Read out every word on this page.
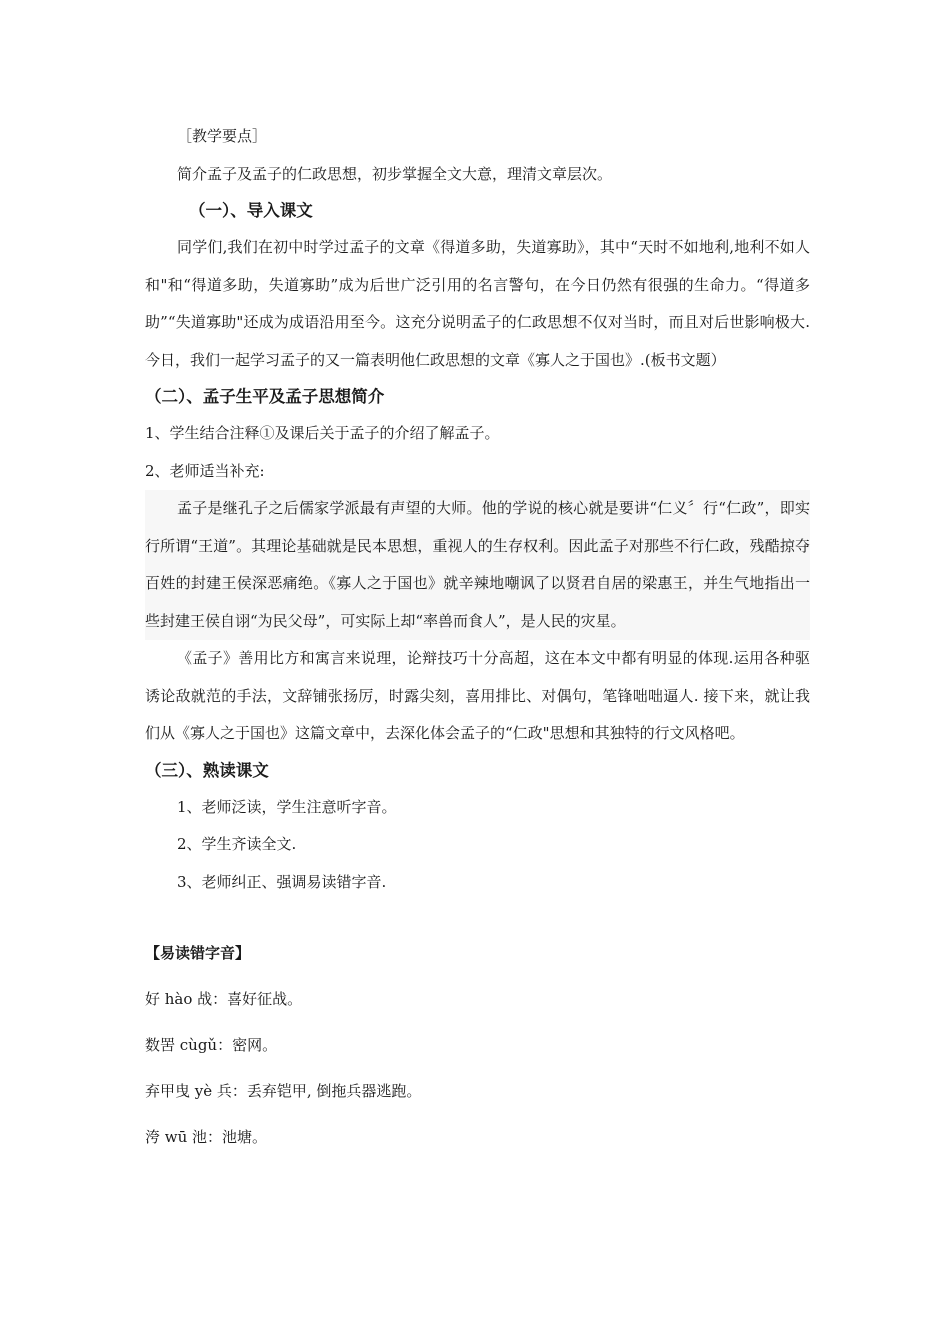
［教学要点］

简介孟子及孟子的仁政思想，初步掌握全文大意，理清文章层次。

（一）、导入课文

同学们,我们在初中时学过孟子的文章《得道多助，失道寡助》，其中“天时不如地利,地利不如人和"和“得道多助，失道寡助”成为后世广泛引用的名言警句，在今日仍然有很强的生命力。“得道多助”“失道寡助"还成为成语沿用至今。这充分说明孟子的仁政思想不仅对当时，而且对后世影响极大.今日，我们一起学习孟子的又一篇表明他仁政思想的文章《寡人之于国也》.(板书文题）

（二）、孟子生平及孟子思想简介

1、学生结合注释①及课后关于孟子的介绍了解孟子。

2、老师适当补充:

孟子是继孔子之后儒家学派最有声望的大师。他的学说的核心就是要讲“仁义〞行“仁政”，即实行所谓“王道”。其理论基础就是民本思想，重视人的生存权利。因此孟子对那些不行仁政，残酷掠夺百姓的封建王侯深恶痛绝。《寡人之于国也》就辛辣地嘲讽了以贤君自居的梁惠王，并生气地指出一些封建王侯自诩“为民父母”，可实际上却“率兽而食人”，是人民的灾星。

《孟子》善用比方和寓言来说理，论辩技巧十分高超，这在本文中都有明显的体现.运用各种驱诱论敌就范的手法，文辞铺张扬厉，时露尖刻，喜用排比、对偶句，笔锋咄咄逼人. 接下来，就让我们从《寡人之于国也》这篇文章中，去深化体会孟子的“仁政"思想和其独特的行文风格吧。

（三）、熟读课文

1、老师泛读，学生注意听字音。

2、学生齐读全文.

3、老师纠正、强调易读错字音.

【易读错字音】

好 hào 战：喜好征战。

数罟 cùgǔ：密网。

弃甲曳 yè 兵：丢弃铠甲, 倒拖兵器逃跑。

洿 wū 池：池塘。
